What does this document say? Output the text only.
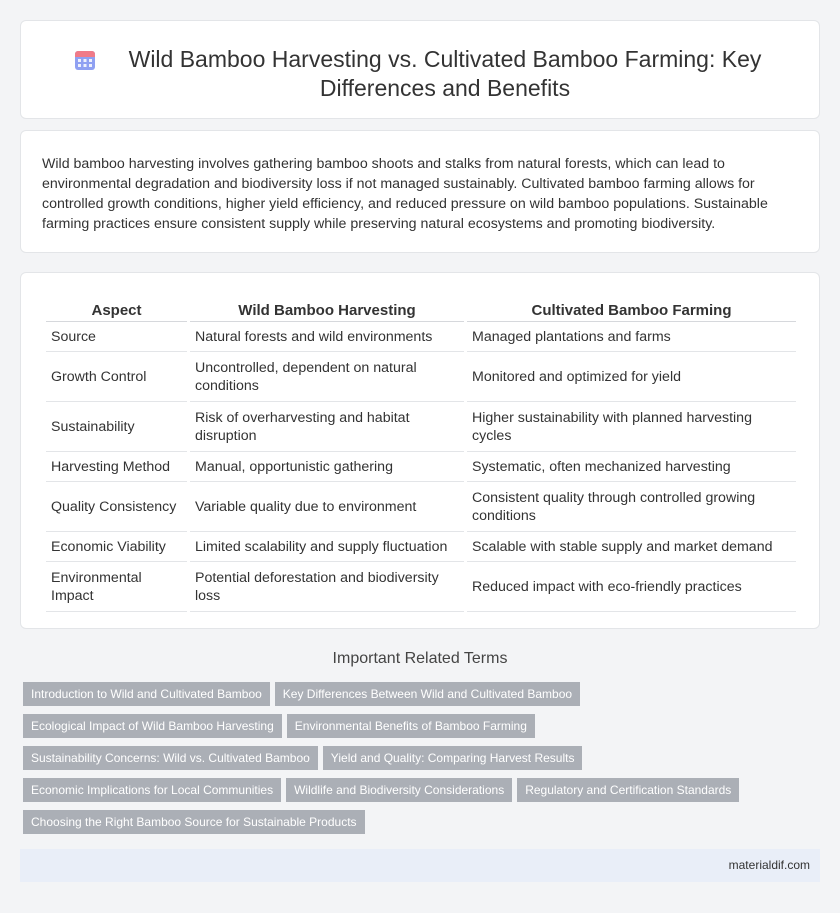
Wild Bamboo Harvesting vs. Cultivated Bamboo Farming: Key Differences and Benefits

Wild bamboo harvesting involves gathering bamboo shoots and stalks from natural forests, which can lead to environmental degradation and biodiversity loss if not managed sustainably. Cultivated bamboo farming allows for controlled growth conditions, higher yield efficiency, and reduced pressure on wild bamboo populations. Sustainable farming practices ensure consistent supply while preserving natural ecosystems and promoting biodiversity.

Aspect	Wild Bamboo Harvesting	Cultivated Bamboo Farming
Source	Natural forests and wild environments	Managed plantations and farms
Growth Control	Uncontrolled, dependent on natural conditions	Monitored and optimized for yield
Sustainability	Risk of overharvesting and habitat disruption	Higher sustainability with planned harvesting cycles
Harvesting Method	Manual, opportunistic gathering	Systematic, often mechanized harvesting
Quality Consistency	Variable quality due to environment	Consistent quality through controlled growing conditions
Economic Viability	Limited scalability and supply fluctuation	Scalable with stable supply and market demand
Environmental Impact	Potential deforestation and biodiversity loss	Reduced impact with eco-friendly practices
Important Related Terms
Introduction to Wild and Cultivated Bamboo Key Differences Between Wild and Cultivated Bamboo
Ecological Impact of Wild Bamboo Harvesting Environmental Benefits of Bamboo Farming
Sustainability Concerns: Wild vs. Cultivated Bamboo Yield and Quality: Comparing Harvest Results
Economic Implications for Local Communities Wildlife and Biodiversity Considerations Regulatory and Certification Standards
Choosing the Right Bamboo Source for Sustainable Products
materialdif.com
